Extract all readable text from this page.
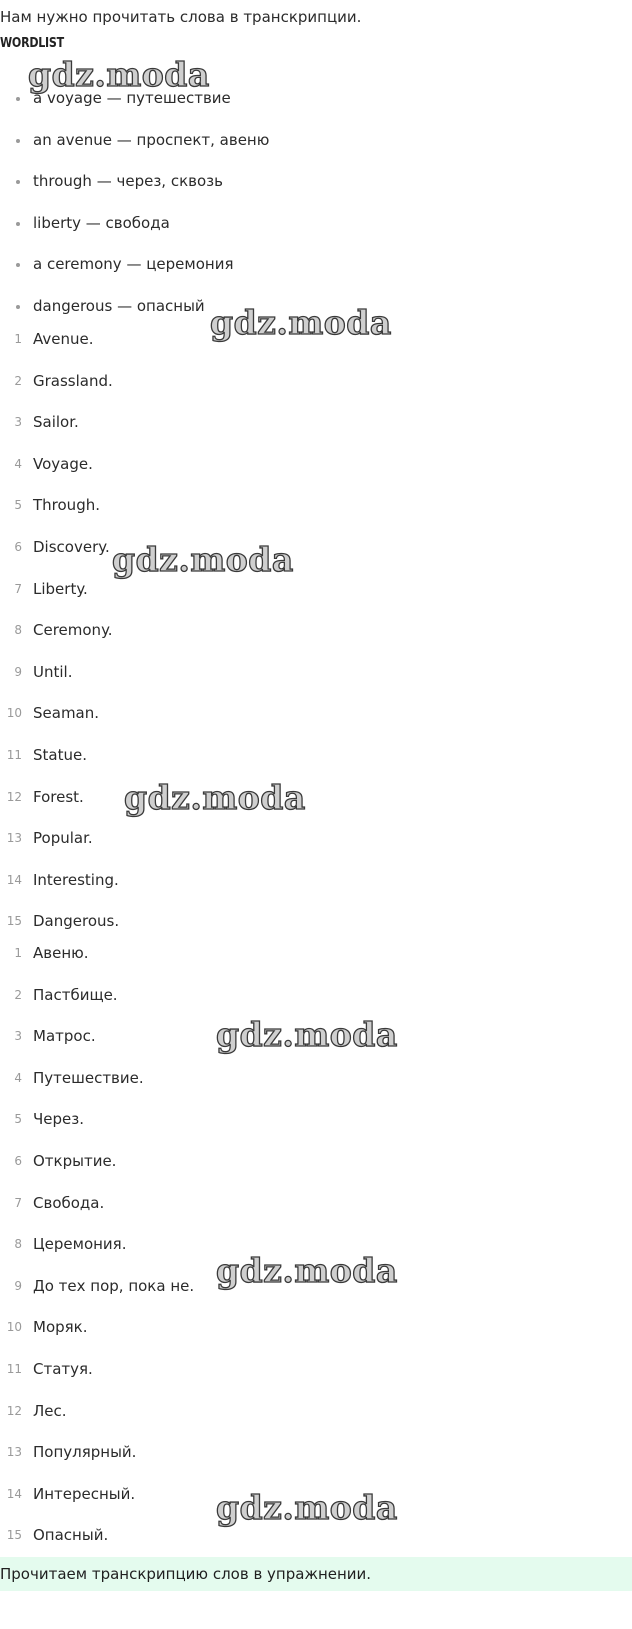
Нам нужно прочитать слова в транскрипции.

WORDLIST
a voyage — путешествие
an avenue — проспект, авеню
through — через, сквозь
liberty — свобода
a ceremony — церемония
dangerous — опасный
1 Avenue.
2 Grassland.
3 Sailor.
4 Voyage.
5 Through.
6 Discovery.
7 Liberty.
8 Ceremony.
9 Until.
10 Seaman.
11 Statue.
12 Forest.
13 Popular.
14 Interesting.
15 Dangerous.
1 Авеню.
2 Пастбище.
3 Матрос.
4 Путешествие.
5 Через.
6 Открытие.
7 Свобода.
8 Церемония.
9 До тех пор, пока не.
10 Моряк.
11 Статуя.
12 Лес.
13 Популярный.
14 Интересный.
15 Опасный.

Прочитаем транскрипцию слов в упражнении.

gdz.moda
gdz.moda
gdz.moda
gdz.moda
gdz.moda
gdz.moda
gdz.moda
